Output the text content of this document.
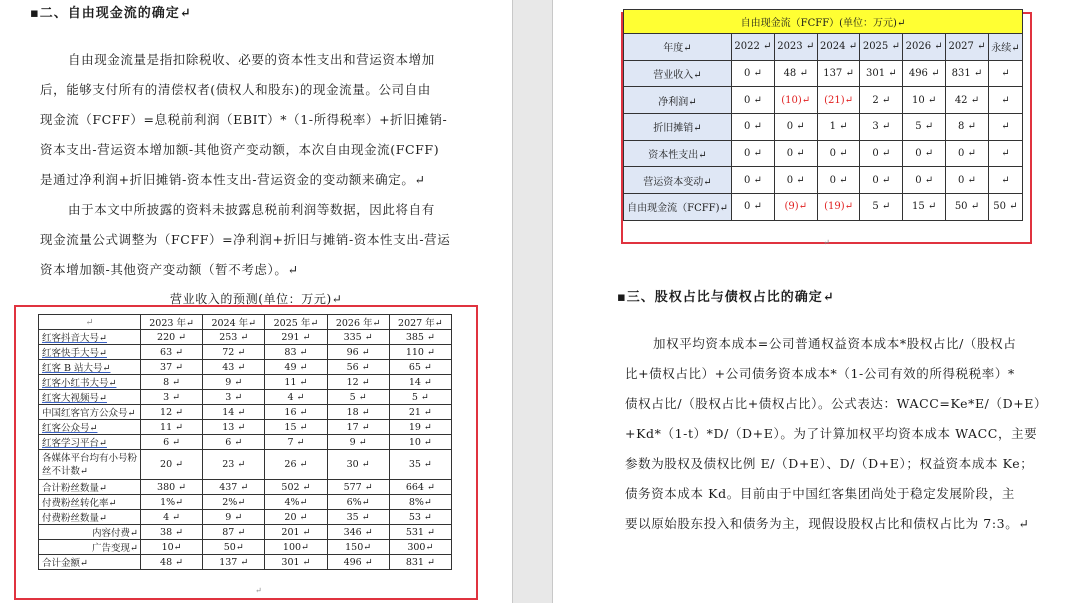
▪二、自由现金流的确定↵
自由现金流量是指扣除税收、必要的资本性支出和营运资本增加
后，能够支付所有的清偿权者(债权人和股东)的现金流量。公司自由
现金流（FCFF）=息税前利润（EBIT）*（1-所得税率）+折旧摊销-
资本支出-营运资本增加额-其他资产变动额，本次自由现金流(FCFF)
是通过净利润+折旧摊销-资本性支出-营运资金的变动额来确定。↵
由于本文中所披露的资料未披露息税前利润等数据，因此将自有
现金流量公式调整为（FCFF）=净利润+折旧与摊销-资本性支出-营运
资本增加额-其他资产变动额（暂不考虑）。↵
营业收入的预测(单位：万元)↵
↵	2023 年↵	2024 年↵	2025 年↵	2026 年↵	2027 年↵
红客抖音大号↵	220 ↵	253 ↵	291 ↵	335 ↵	385 ↵
红客快手大号↵	63 ↵	72 ↵	83 ↵	96 ↵	110 ↵
红客 B 站大号↵	37 ↵	43 ↵	49 ↵	56 ↵	65 ↵
红客小红书大号↵	8 ↵	9 ↵	11 ↵	12 ↵	14 ↵
红客大视频号↵	3 ↵	3 ↵	4 ↵	5 ↵	5 ↵
中国红客官方公众号↵	12 ↵	14 ↵	16 ↵	18 ↵	21 ↵
红客公众号↵	11 ↵	13 ↵	15 ↵	17 ↵	19 ↵
红客学习平台↵	6 ↵	6 ↵	7 ↵	9 ↵	10 ↵
各媒体平台均有小号粉丝不计数↵	20 ↵	23 ↵	26 ↵	30 ↵	35 ↵
合计粉丝数量↵	380 ↵	437 ↵	502 ↵	577 ↵	664 ↵
付费粉丝转化率↵	1%↵	2%↵	4%↵	6%↵	8%↵
付费粉丝数量↵	4 ↵	9 ↵	20 ↵	35 ↵	53 ↵
内容付费↵	38 ↵	87 ↵	201 ↵	346 ↵	531 ↵
广告变现↵	10↵	50↵	100↵	150↵	300↵
合计金额↵	48 ↵	137 ↵	301 ↵	496 ↵	831 ↵
↵
自由现金流（FCFF）(单位：万元)↵							
年度↵	2022 ↵	2023 ↵	2024 ↵	2025 ↵	2026 ↵	2027 ↵	永续↵
营业收入↵	0 ↵	48 ↵	137 ↵	301 ↵	496 ↵	831 ↵	↵
净利润↵	0 ↵	(10)↵	(21)↵	2 ↵	10 ↵	42 ↵	↵
折旧摊销↵	0 ↵	0 ↵	1 ↵	3 ↵	5 ↵	8 ↵	↵
资本性支出↵	0 ↵	0 ↵	0 ↵	0 ↵	0 ↵	0 ↵	↵
营运资本变动↵	0 ↵	0 ↵	0 ↵	0 ↵	0 ↵	0 ↵	↵
自由现金流（FCFF)↵	0 ↵	(9)↵	(19)↵	5 ↵	15 ↵	50 ↵	50 ↵
↵
▪三、股权占比与债权占比的确定↵
加权平均资本成本=公司普通权益资本成本*股权占比/（股权占
比+债权占比）+公司债务资本成本*（1-公司有效的所得税税率）*
债权占比/（股权占比+债权占比）。公式表达：WACC=Ke*E/（D+E）
+Kd*（1-t）*D/（D+E）。为了计算加权平均资本成本 WACC，主要
参数为股权及债权比例 E/（D+E）、D/（D+E）；权益资本成本 Ke；
债务资本成本 Kd。目前由于中国红客集团尚处于稳定发展阶段，主
要以原始股东投入和债务为主，现假设股权占比和债权占比为 7:3。↵
